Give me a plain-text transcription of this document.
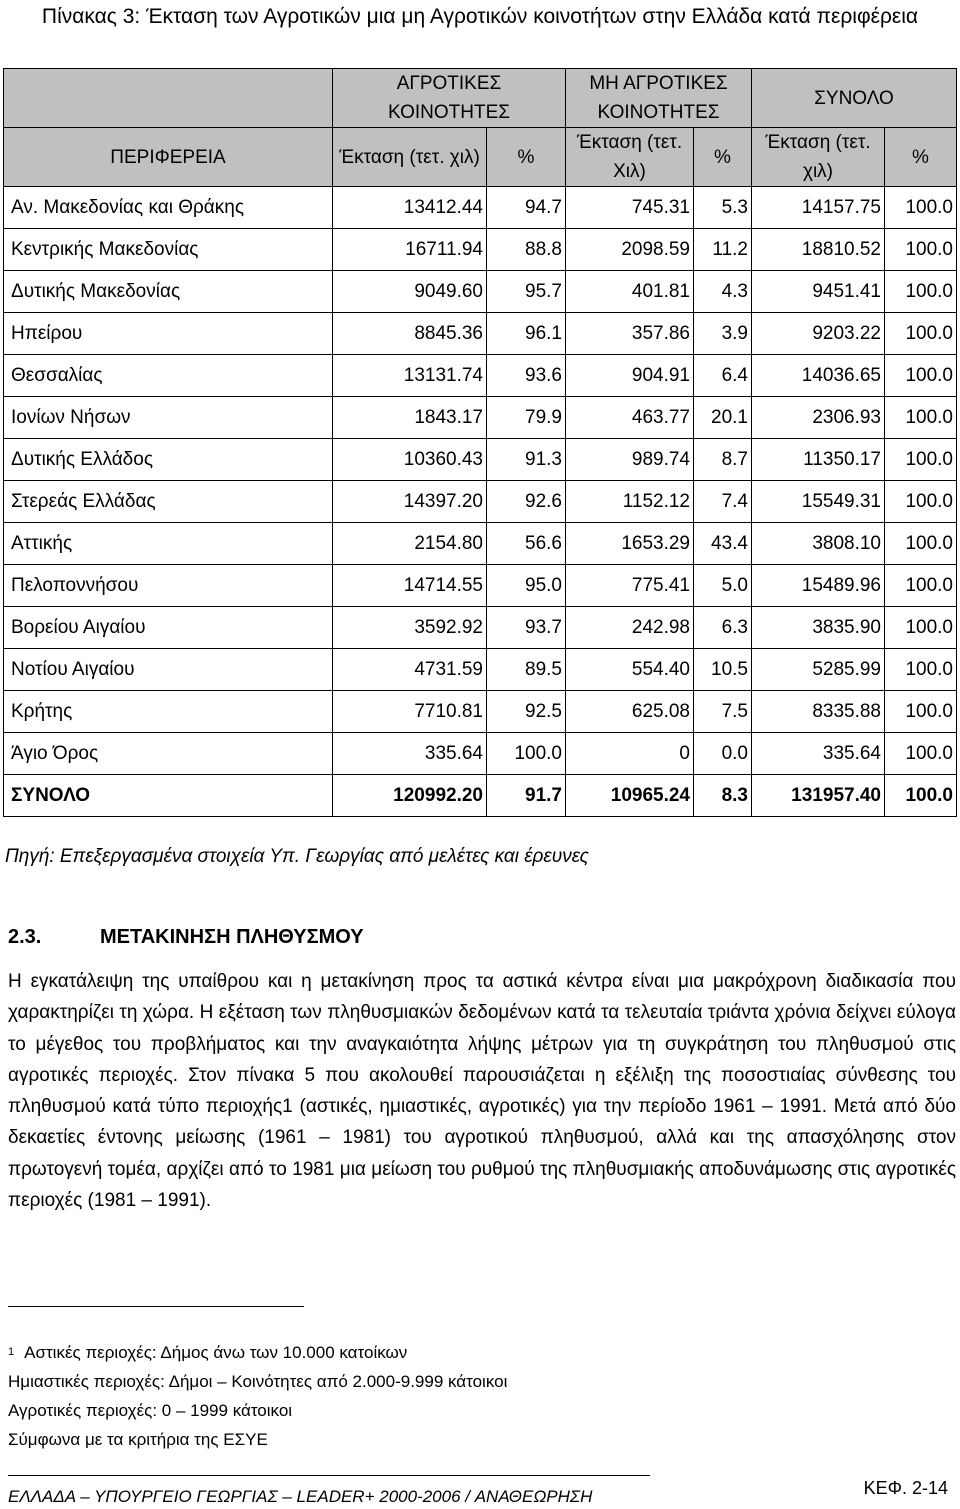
Πίνακας 3: Έκταση των Αγροτικών μια μη Αγροτικών κοινοτήτων στην Ελλάδα κατά περιφέρεια
	ΑΓΡΟΤΙΚΕΣ ΚΟΙΝΟΤΗΤΕΣ		ΜΗ ΑΓΡΟΤΙΚΕΣ ΚΟΙΝΟΤΗΤΕΣ		ΣΥΝΟΛΟ	
ΠΕΡΙΦΕΡΕΙΑ	Έκταση (τετ. χιλ)	%	Έκταση (τετ. Χιλ)	%	Έκταση (τετ. χιλ)	%
Αν. Μακεδονίας και Θράκης	13412.44	94.7	745.31	5.3	14157.75	100.0
Κεντρικής Μακεδονίας	16711.94	88.8	2098.59	11.2	18810.52	100.0
Δυτικής Μακεδονίας	9049.60	95.7	401.81	4.3	9451.41	100.0
Ηπείρου	8845.36	96.1	357.86	3.9	9203.22	100.0
Θεσσαλίας	13131.74	93.6	904.91	6.4	14036.65	100.0
Ιονίων Νήσων	1843.17	79.9	463.77	20.1	2306.93	100.0
Δυτικής Ελλάδος	10360.43	91.3	989.74	8.7	11350.17	100.0
Στερεάς Ελλάδας	14397.20	92.6	1152.12	7.4	15549.31	100.0
Αττικής	2154.80	56.6	1653.29	43.4	3808.10	100.0
Πελοποννήσου	14714.55	95.0	775.41	5.0	15489.96	100.0
Βορείου Αιγαίου	3592.92	93.7	242.98	6.3	3835.90	100.0
Νοτίου Αιγαίου	4731.59	89.5	554.40	10.5	5285.99	100.0
Κρήτης	7710.81	92.5	625.08	7.5	8335.88	100.0
Άγιο Όρος	335.64	100.0	0	0.0	335.64	100.0
ΣΥΝΟΛΟ	120992.20	91.7	10965.24	8.3	131957.40	100.0
Πηγή: Επεξεργασμένα στοιχεία Υπ. Γεωργίας από μελέτες και έρευνες
2.3.	ΜΕΤΑΚΙΝΗΣΗ ΠΛΗΘΥΣΜΟΥ
Η εγκατάλειψη της υπαίθρου και η μετακίνηση προς τα αστικά κέντρα είναι μια μακρόχρονη διαδικασία που χαρακτηρίζει τη χώρα. Η εξέταση των πληθυσμιακών δεδομένων κατά τα τελευταία τριάντα χρόνια δείχνει εύλογα το μέγεθος του προβλήματος και την αναγκαιότητα λήψης μέτρων για τη συγκράτηση του πληθυσμού στις αγροτικές περιοχές. Στον πίνακα 5 που ακολουθεί παρουσιάζεται η εξέλιξη της ποσοστιαίας σύνθεσης του πληθυσμού κατά τύπο περιοχής1 (αστικές, ημιαστικές, αγροτικές) για την περίοδο 1961 – 1991. Μετά από δύο δεκαετίες έντονης μείωσης (1961 – 1981) του αγροτικού πληθυσμού, αλλά και της απασχόλησης στον πρωτογενή τομέα, αρχίζει από το 1981 μια μείωση του ρυθμού της πληθυσμιακής αποδυνάμωσης στις αγροτικές περιοχές (1981 – 1991).
$^1$ Αστικές περιοχές: Δήμος άνω των 10.000 κατοίκων
Ημιαστικές περιοχές: Δήμοι – Κοινότητες από 2.000-9.999 κάτοικοι
Αγροτικές περιοχές: 0 – 1999 κάτοικοι
Σύμφωνα με τα κριτήρια της ΕΣΥΕ
ΕΛΛΑΔΑ – ΥΠΟΥΡΓΕΙΟ ΓΕΩΡΓΙΑΣ – LEADER+ 2000-2006 / ΑΝΑΘΕΩΡΗΣΗ	ΚΕΦ. 2-14
